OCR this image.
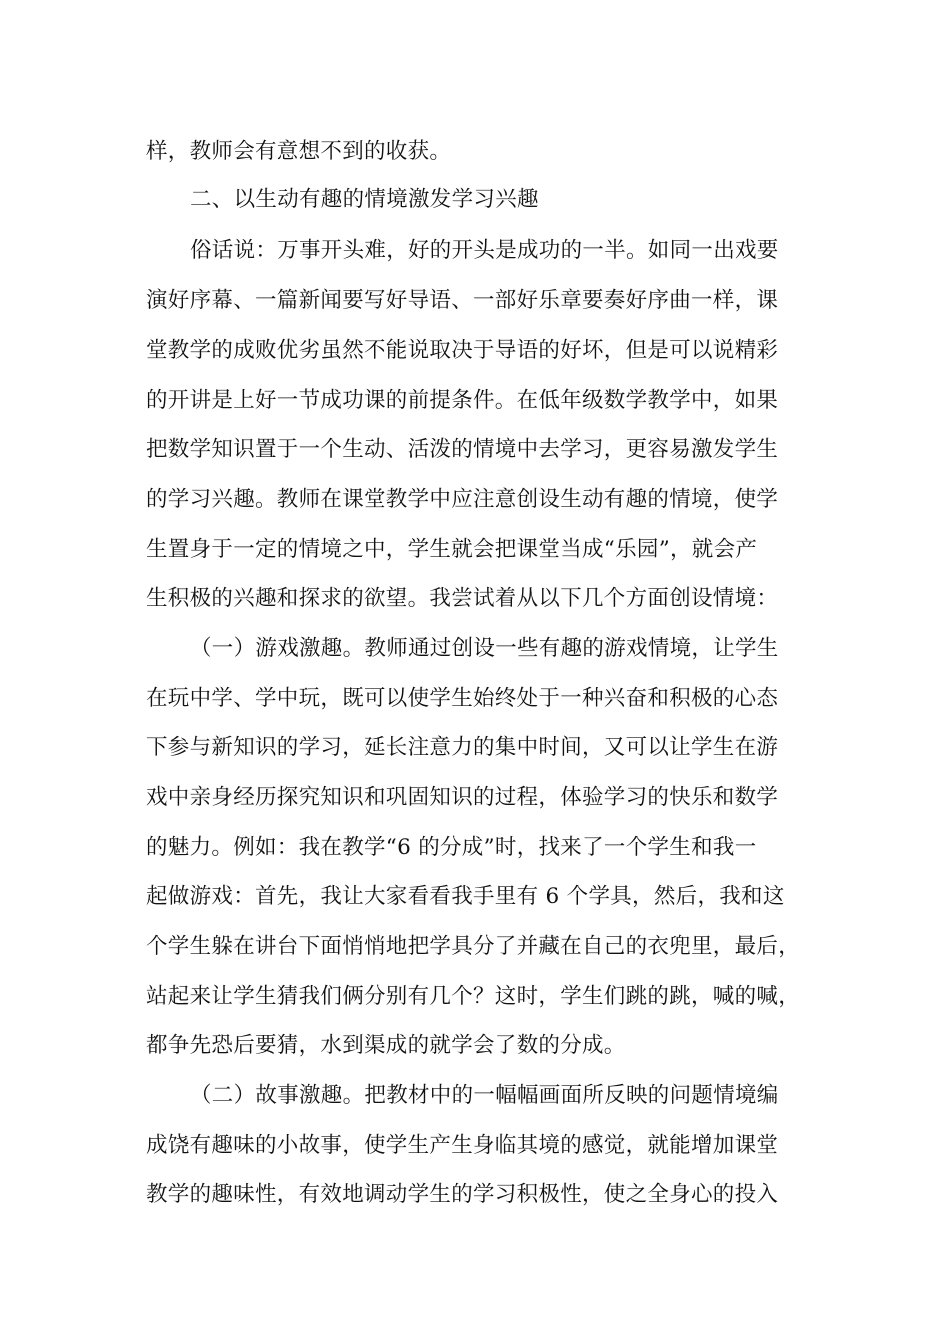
样，教师会有意想不到的收获。
二、以生动有趣的情境激发学习兴趣
俗话说：万事开头难，好的开头是成功的一半。如同一出戏要
演好序幕、一篇新闻要写好导语、一部好乐章要奏好序曲一样，课
堂教学的成败优劣虽然不能说取决于导语的好坏，但是可以说精彩
的开讲是上好一节成功课的前提条件。在低年级数学教学中，如果
把数学知识置于一个生动、活泼的情境中去学习，更容易激发学生
的学习兴趣。教师在课堂教学中应注意创设生动有趣的情境，使学
生置身于一定的情境之中，学生就会把课堂当成“乐园”，就会产
生积极的兴趣和探求的欲望。我尝试着从以下几个方面创设情境：
（一）游戏激趣。教师通过创设一些有趣的游戏情境，让学生
在玩中学、学中玩，既可以使学生始终处于一种兴奋和积极的心态
下参与新知识的学习，延长注意力的集中时间，又可以让学生在游
戏中亲身经历探究知识和巩固知识的过程，体验学习的快乐和数学
的魅力。例如：我在教学“6 的分成”时，找来了一个学生和我一
起做游戏：首先，我让大家看看我手里有 6 个学具，然后，我和这
个学生躲在讲台下面悄悄地把学具分了并藏在自己的衣兜里，最后，
站起来让学生猜我们俩分别有几个？这时，学生们跳的跳，喊的喊，
都争先恐后要猜，水到渠成的就学会了数的分成。
（二）故事激趣。把教材中的一幅幅画面所反映的问题情境编
成饶有趣味的小故事，使学生产生身临其境的感觉，就能增加课堂
教学的趣味性，有效地调动学生的学习积极性，使之全身心的投入
